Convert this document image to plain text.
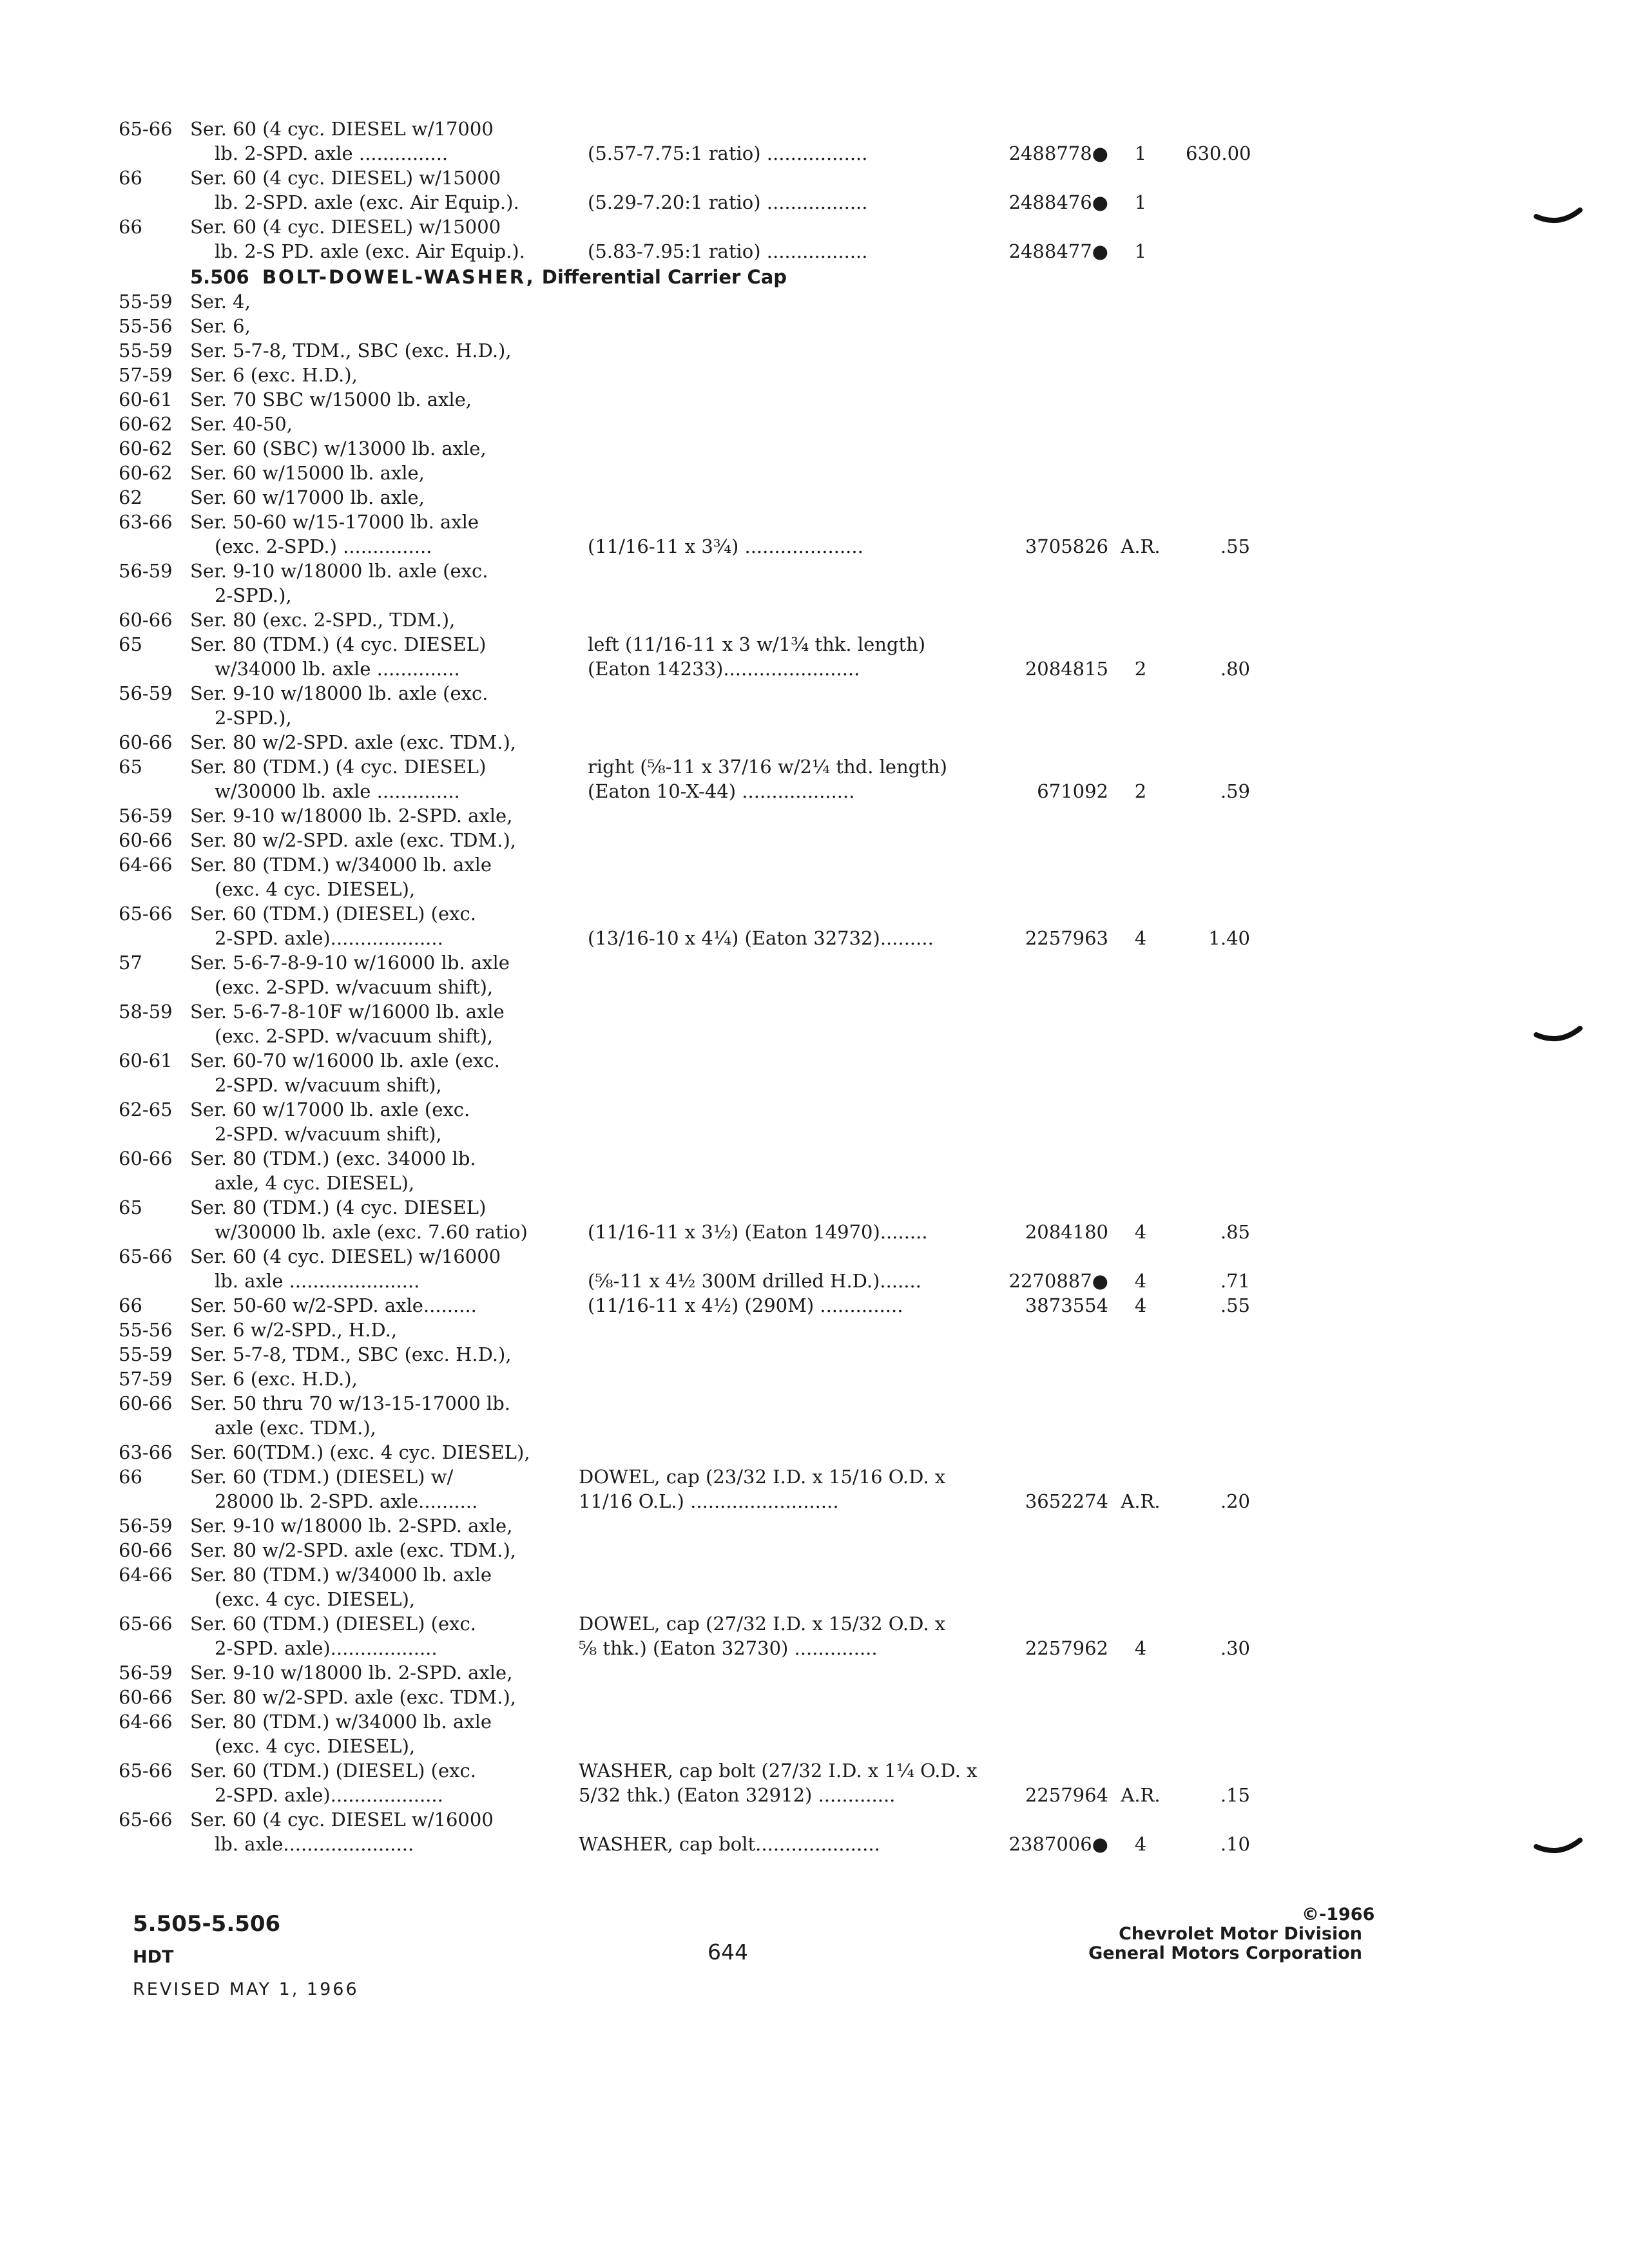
65-66 Ser. 60 (4 cyc. DIESEL w/17000
lb. 2-SPD. axle ...............	(5.57-7.75:1 ratio) .................	2488778●	1	630.00
66	Ser. 60 (4 cyc. DIESEL) w/15000
lb. 2-SPD. axle (exc. Air Equip.).	(5.29-7.20:1 ratio) .................	2488476●	1
66	Ser. 60 (4 cyc. DIESEL) w/15000
lb. 2-S PD. axle (exc. Air Equip.).	(5.83-7.95:1 ratio) .................	2488477●	1
55-59 Ser. 4,
55-56 Ser. 6,
55-59 Ser. 5-7-8, TDM., SBC (exc. H.D.),
57-59 Ser. 6 (exc. H.D.),
60-61 Ser. 70 SBC w/15000 lb. axle,
60-62 Ser. 40-50,
60-62 Ser. 60 (SBC) w/13000 lb. axle,
60-62 Ser. 60 w/15000 lb. axle,
62	Ser. 60 w/17000 lb. axle,
63-66 Ser. 50-60 w/15-17000 lb. axle
(exc. 2-SPD.) ...............	(11/16-11 x 3¾) ....................	3705826 A.R.	.55
56-59 Ser. 9-10 w/18000 lb. axle (exc.
2-SPD.),
60-66 Ser. 80 (exc. 2-SPD., TDM.),
65	Ser. 80 (TDM.) (4 cyc. DIESEL)	left (11/16-11 x 3 w/1¾ thk. length)
w/34000 lb. axle ..............	(Eaton 14233).......................	2084815	2	.80
56-59 Ser. 9-10 w/18000 lb. axle (exc.
2-SPD.),
60-66 Ser. 80 w/2-SPD. axle (exc. TDM.),
65	Ser. 80 (TDM.) (4 cyc. DIESEL)	right (⅝-11 x 37/16 w/2¼ thd. length)
w/30000 lb. axle ..............	(Eaton 10-X-44) ...................	671092	2	.59
56-59 Ser. 9-10 w/18000 lb. 2-SPD. axle,
60-66 Ser. 80 w/2-SPD. axle (exc. TDM.),
64-66 Ser. 80 (TDM.) w/34000 lb. axle
(exc. 4 cyc. DIESEL),
65-66 Ser. 60 (TDM.) (DIESEL) (exc.
2-SPD. axle)...................	(13/16-10 x 4¼) (Eaton 32732).........	2257963	4	1.40
57	Ser. 5-6-7-8-9-10 w/16000 lb. axle
(exc. 2-SPD. w/vacuum shift),
58-59 Ser. 5-6-7-8-10F w/16000 lb. axle
(exc. 2-SPD. w/vacuum shift),
60-61 Ser. 60-70 w/16000 lb. axle (exc.
2-SPD. w/vacuum shift),
62-65 Ser. 60 w/17000 lb. axle (exc.
2-SPD. w/vacuum shift),
60-66 Ser. 80 (TDM.) (exc. 34000 lb.
axle, 4 cyc. DIESEL),
65	Ser. 80 (TDM.) (4 cyc. DIESEL)
w/30000 lb. axle (exc. 7.60 ratio)	(11/16-11 x 3½) (Eaton 14970)........	2084180	4	.85
65-66 Ser. 60 (4 cyc. DIESEL) w/16000
lb. axle ......................	(⅝-11 x 4½ 300M drilled H.D.).......	2270887●	4	.71
66	Ser. 50-60 w/2-SPD. axle.........	(11/16-11 x 4½) (290M) ..............	3873554	4	.55
55-56 Ser. 6 w/2-SPD., H.D.,
55-59 Ser. 5-7-8, TDM., SBC (exc. H.D.),
57-59 Ser. 6 (exc. H.D.),
60-66 Ser. 50 thru 70 w/13-15-17000 lb.
axle (exc. TDM.),
63-66 Ser. 60(TDM.) (exc. 4 cyc. DIESEL),
66	Ser. 60 (TDM.) (DIESEL) w/	DOWEL, cap (23/32 I.D. x 15/16 O.D. x
28000 lb. 2-SPD. axle..........	11/16 O.L.) .........................	3652274 A.R.	.20
56-59 Ser. 9-10 w/18000 lb. 2-SPD. axle,
60-66 Ser. 80 w/2-SPD. axle (exc. TDM.),
64-66 Ser. 80 (TDM.) w/34000 lb. axle
(exc. 4 cyc. DIESEL),
65-66 Ser. 60 (TDM.) (DIESEL) (exc.	DOWEL, cap (27/32 I.D. x 15/32 O.D. x
2-SPD. axle)..................	⅝ thk.) (Eaton 32730) ..............	2257962	4	.30
56-59 Ser. 9-10 w/18000 lb. 2-SPD. axle,
60-66 Ser. 80 w/2-SPD. axle (exc. TDM.),
64-66 Ser. 80 (TDM.) w/34000 lb. axle
(exc. 4 cyc. DIESEL),
65-66 Ser. 60 (TDM.) (DIESEL) (exc.	WASHER, cap bolt (27/32 I.D. x 1¼ O.D. x
2-SPD. axle)...................	5/32 thk.) (Eaton 32912) .............	2257964 A.R.	.15
65-66 Ser. 60 (4 cyc. DIESEL w/16000
lb. axle......................	WASHER, cap bolt.....................	2387006●	4	.10
5.506 BOLT-DOWEL-WASHER, Differential Carrier Cap
5.505-5.506
HDT
REVISED MAY 1, 1966
644
©-1966
Chevrolet Motor Division
General Motors Corporation
